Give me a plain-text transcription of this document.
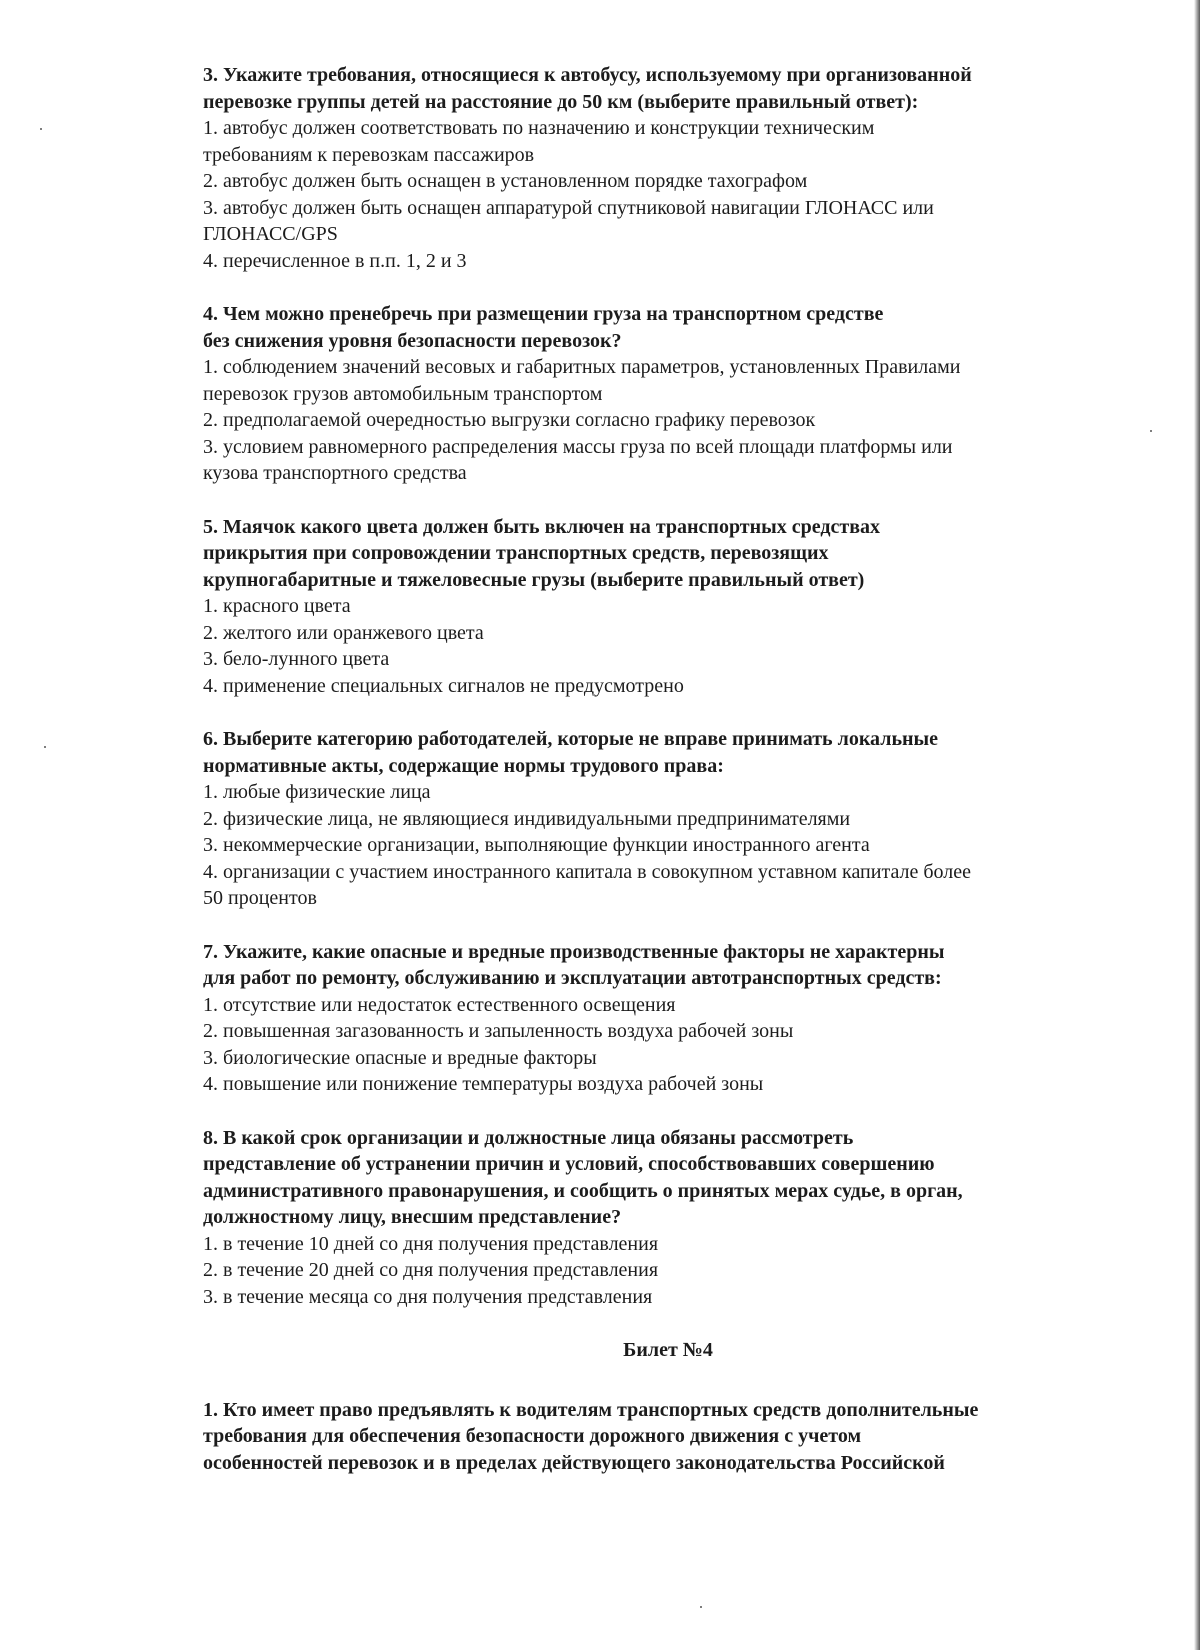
3. Укажите требования, относящиеся к автобусу, используемому при организованной
перевозке группы детей на расстояние до 50 км (выберите правильный ответ):

1. автобус должен соответствовать по назначению и конструкции техническим

требованиям к перевозкам пассажиров

2. автобус должен быть оснащен в установленном порядке тахографом

3. автобус должен быть оснащен аппаратурой спутниковой навигации ГЛОНАСС или

ГЛОНАСС/GPS

4. перечисленное в п.п. 1, 2 и 3

4. Чем можно пренебречь при размещении груза на транспортном средстве
без снижения уровня безопасности перевозок?

1. соблюдением значений весовых и габаритных параметров, установленных Правилами

перевозок грузов автомобильным транспортом

2. предполагаемой очередностью выгрузки согласно графику перевозок

3. условием равномерного распределения массы груза по всей площади платформы или

кузова транспортного средства

5. Маячок какого цвета должен быть включен на транспортных средствах
прикрытия при сопровождении транспортных средств, перевозящих
крупногабаритные и тяжеловесные грузы (выберите правильный ответ)

1. красного цвета

2. желтого или оранжевого цвета

3. бело-лунного цвета

4. применение специальных сигналов не предусмотрено

6. Выберите категорию работодателей, которые не вправе принимать локальные
нормативные акты, содержащие нормы трудового права:

1. любые физические лица

2. физические лица, не являющиеся индивидуальными предпринимателями

3. некоммерческие организации, выполняющие функции иностранного агента

4. организации с участием иностранного капитала в совокупном уставном капитале более

50 процентов

7. Укажите, какие опасные и вредные производственные факторы не характерны
для работ по ремонту, обслуживанию и эксплуатации автотранспортных средств:

1. отсутствие или недостаток естественного освещения

2. повышенная загазованность и запыленность воздуха рабочей зоны

3. биологические опасные и вредные факторы

4. повышение или понижение температуры воздуха рабочей зоны

8. В какой срок организации и должностные лица обязаны рассмотреть
представление об устранении причин и условий, способствовавших совершению
административного правонарушения, и сообщить о принятых мерах судье, в орган,
должностному лицу, внесшим представление?

1. в течение 10 дней со дня получения представления

2. в течение 20 дней со дня получения представления

3. в течение месяца со дня получения представления

Билет №4

1. Кто имеет право предъявлять к водителям транспортных средств дополнительные
требования для обеспечения безопасности дорожного движения с учетом
особенностей перевозок и в пределах действующего законодательства Российской
